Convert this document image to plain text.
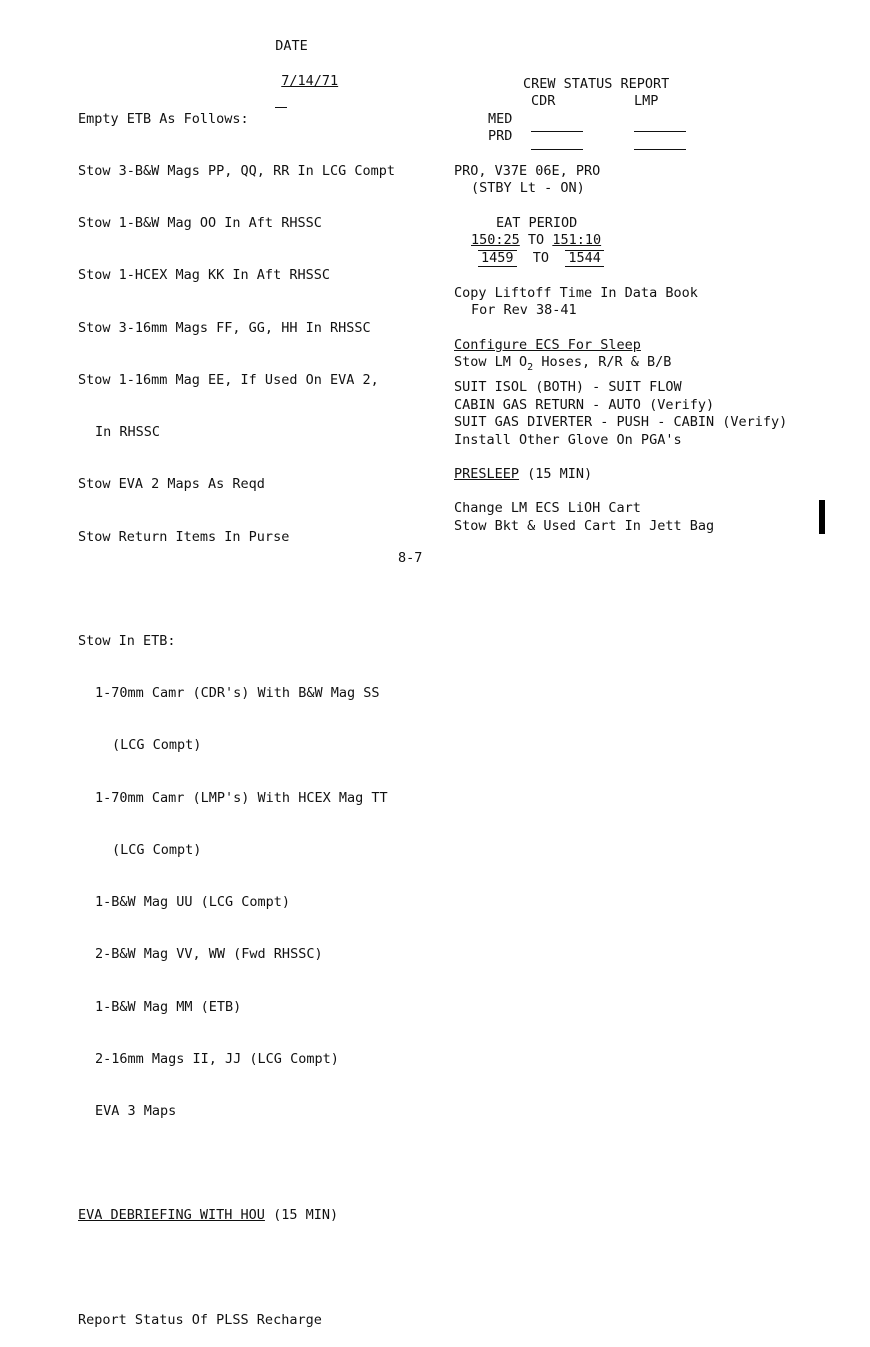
DATE

7/14/71

Empty ETB As Follows:

Stow 3-B&W Mags PP, QQ, RR In LCG Compt

Stow 1-B&W Mag OO In Aft RHSSC

Stow 1-HCEX Mag KK In Aft RHSSC

Stow 3-16mm Mags FF, GG, HH In RHSSC

Stow 1-16mm Mag EE, If Used On EVA 2,

In RHSSC

Stow EVA 2 Maps As Reqd

Stow Return Items In Purse

Stow In ETB:

1-70mm Camr (CDR's) With B&W Mag SS

(LCG Compt)

1-70mm Camr (LMP's) With HCEX Mag TT

(LCG Compt)

1-B&W Mag UU (LCG Compt)

2-B&W Mag VV, WW (Fwd RHSSC)

1-B&W Mag MM (ETB)

2-16mm Mags II, JJ (LCG Compt)

EVA 3 Maps

EVA DEBRIEFING WITH HOU (15 MIN)

Report Status Of PLSS Recharge

CREW STATUS REPORT
CDR	LMP
MED
PRD
PRO, V37E 06E, PRO
(STBY Lt - ON)
EAT PERIOD
150:25 TO 151:10
1459 TO 1544
Copy Liftoff Time In Data Book
For Rev 38-41
Configure ECS For Sleep
Stow LM $O_2$ Hoses, R/R & B/B
SUIT ISOL (BOTH) - SUIT FLOW
CABIN GAS RETURN - AUTO (Verify)
SUIT GAS DIVERTER - PUSH - CABIN (Verify)
Install Other Glove On PGA's
PRESLEEP (15 MIN)
Change LM ECS LiOH Cart
Stow Bkt & Used Cart In Jett Bag
8-7
